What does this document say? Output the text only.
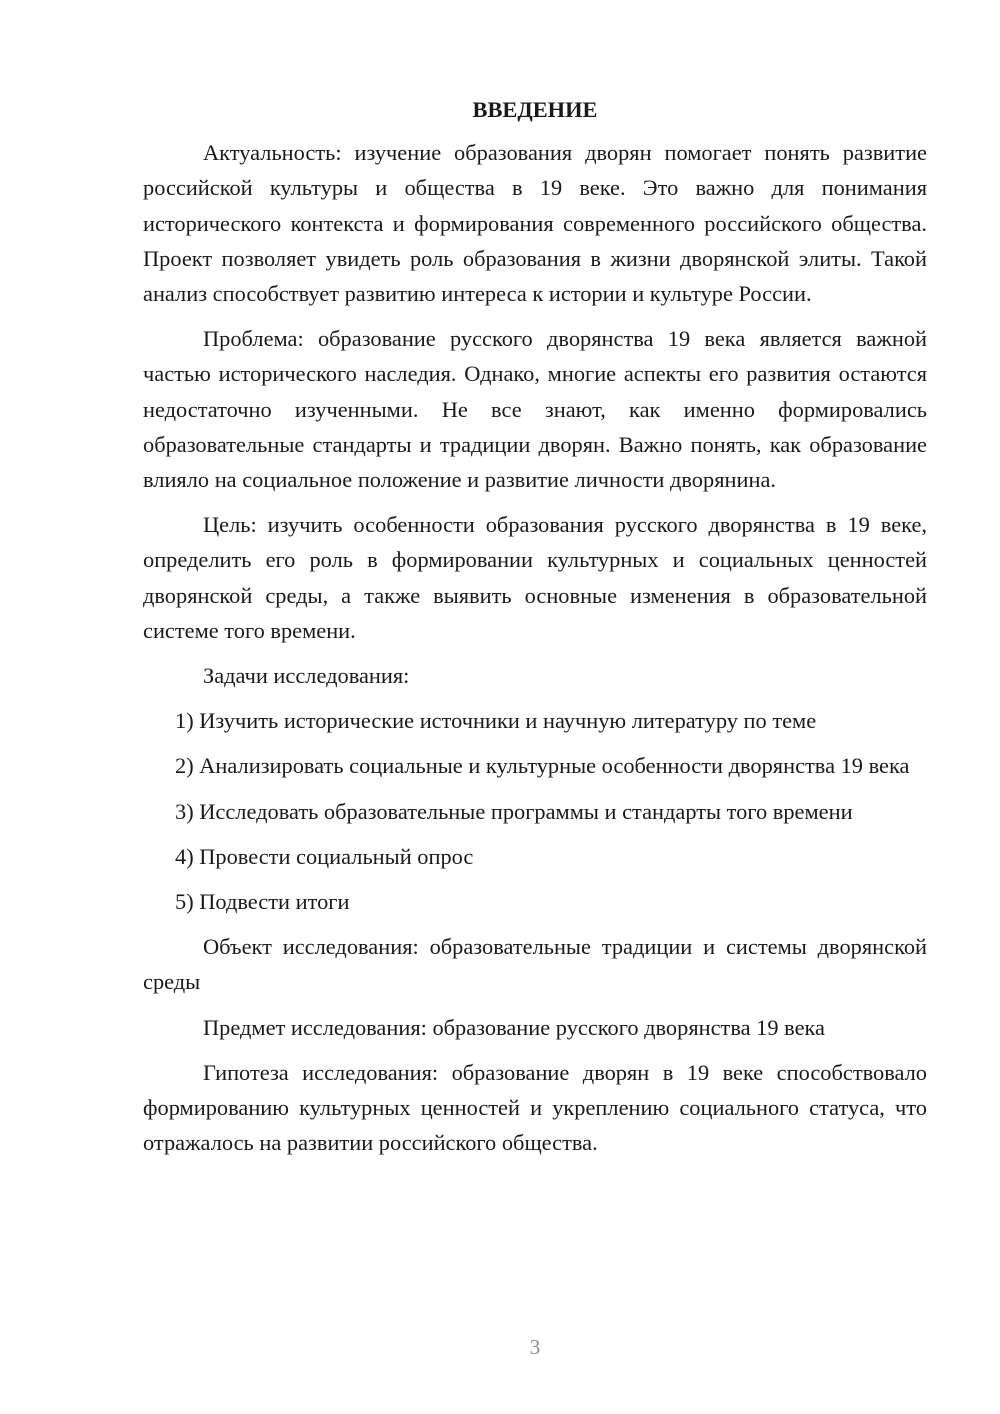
ВВЕДЕНИЕ

Актуальность: изучение образования дворян помогает понять развитие российской культуры и общества в 19 веке. Это важно для понимания исторического контекста и формирования современного российского общества. Проект позволяет увидеть роль образования в жизни дворянской элиты. Такой анализ способствует развитию интереса к истории и культуре России.

Проблема: образование русского дворянства 19 века является важной частью исторического наследия. Однако, многие аспекты его развития остаются недостаточно изученными. Не все знают, как именно формировались образовательные стандарты и традиции дворян. Важно понять, как образование влияло на социальное положение и развитие личности дворянина.

Цель: изучить особенности образования русского дворянства в 19 веке, определить его роль в формировании культурных и социальных ценностей дворянской среды, а также выявить основные изменения в образовательной системе того времени.

Задачи исследования:

1) Изучить исторические источники и научную литературу по теме

2) Анализировать социальные и культурные особенности дворянства 19 века

3) Исследовать образовательные программы и стандарты того времени

4) Провести социальный опрос

5) Подвести итоги

Объект исследования: образовательные традиции и системы дворянской среды

Предмет исследования: образование русского дворянства 19 века

Гипотеза исследования: образование дворян в 19 веке способствовало формированию культурных ценностей и укреплению социального статуса, что отражалось на развитии российского общества.

3
